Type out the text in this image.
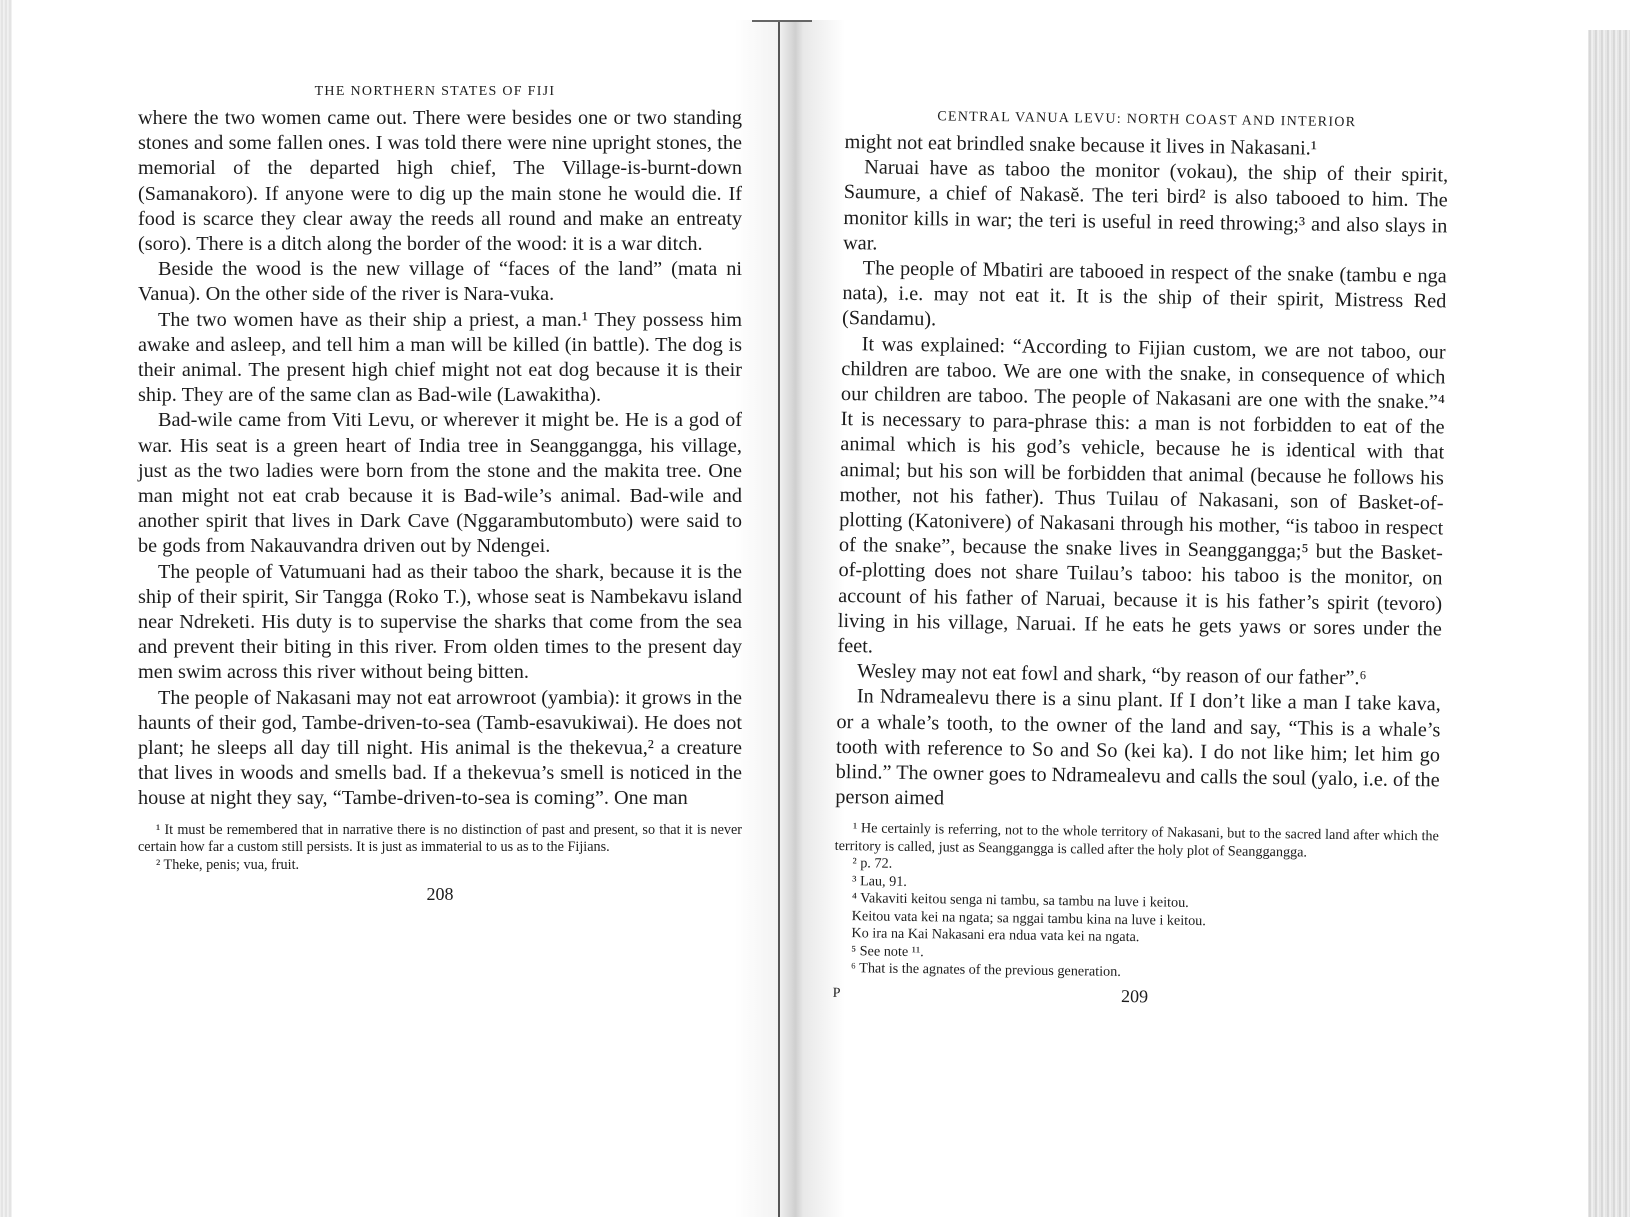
THE NORTHERN STATES OF FIJI

where the two women came out. There were besides one or two standing stones and some fallen ones. I was told there were nine upright stones, the memorial of the departed high chief, The Village-is-burnt-down (Samanakoro). If anyone were to dig up the main stone he would die. If food is scarce they clear away the reeds all round and make an entreaty (soro). There is a ditch along the border of the wood: it is a war ditch.

Beside the wood is the new village of “faces of the land” (mata ni Vanua). On the other side of the river is Nara-vuka.

The two women have as their ship a priest, a man.¹ They possess him awake and asleep, and tell him a man will be killed (in battle). The dog is their animal. The present high chief might not eat dog because it is their ship. They are of the same clan as Bad-wile (Lawakitha).

Bad-wile came from Viti Levu, or wherever it might be. He is a god of war. His seat is a green heart of India tree in Seanggangga, his village, just as the two ladies were born from the stone and the makita tree. One man might not eat crab because it is Bad-wile’s animal. Bad-wile and another spirit that lives in Dark Cave (Nggarambutombuto) were said to be gods from Nakauvandra driven out by Ndengei.

The people of Vatumuani had as their taboo the shark, because it is the ship of their spirit, Sir Tangga (Roko T.), whose seat is Nambekavu island near Ndreketi. His duty is to supervise the sharks that come from the sea and prevent their biting in this river. From olden times to the present day men swim across this river without being bitten.

The people of Nakasani may not eat arrowroot (yambia): it grows in the haunts of their god, Tambe-driven-to-sea (Tamb-esavukiwai). He does not plant; he sleeps all day till night. His animal is the thekevua,² a creature that lives in woods and smells bad. If a thekevua’s smell is noticed in the house at night they say, “Tambe-driven-to-sea is coming”. One man

¹ It must be remembered that in narrative there is no distinction of past and present, so that it is never certain how far a custom still persists. It is just as immaterial to us as to the Fijians.

² Theke, penis; vua, fruit.

208
CENTRAL VANUA LEVU: NORTH COAST AND INTERIOR

might not eat brindled snake because it lives in Nakasani.¹

Naruai have as taboo the monitor (vokau), the ship of their spirit, Saumure, a chief of Nakasĕ. The teri bird² is also tabooed to him. The monitor kills in war; the teri is useful in reed throwing;³ and also slays in war.

The people of Mbatiri are tabooed in respect of the snake (tambu e nga nata), i.e. may not eat it. It is the ship of their spirit, Mistress Red (Sandamu).

It was explained: “According to Fijian custom, we are not taboo, our children are taboo. We are one with the snake, in consequence of which our children are taboo. The people of Nakasani are one with the snake.”⁴ It is necessary to para-phrase this: a man is not forbidden to eat of the animal which is his god’s vehicle, because he is identical with that animal; but his son will be forbidden that animal (because he follows his mother, not his father). Thus Tuilau of Nakasani, son of Basket-of-plotting (Katonivere) of Nakasani through his mother, “is taboo in respect of the snake”, because the snake lives in Seanggangga;⁵ but the Basket-of-plotting does not share Tuilau’s taboo: his taboo is the monitor, on account of his father of Naruai, because it is his father’s spirit (tevoro) living in his village, Naruai. If he eats he gets yaws or sores under the feet.

Wesley may not eat fowl and shark, “by reason of our father”.⁶

In Ndramealevu there is a sinu plant. If I don’t like a man I take kava, or a whale’s tooth, to the owner of the land and say, “This is a whale’s tooth with reference to So and So (kei ka). I do not like him; let him go blind.” The owner goes to Ndramealevu and calls the soul (yalo, i.e. of the person aimed

¹ He certainly is referring, not to the whole territory of Nakasani, but to the sacred land after which the territory is called, just as Seanggangga is called after the holy plot of Seanggangga.

² p. 72.

³ Lau, 91.

⁴ Vakaviti keitou senga ni tambu, sa tambu na luve i keitou.

Keitou vata kei na ngata; sa nggai tambu kina na luve i keitou.

Ko ira na Kai Nakasani era ndua vata kei na ngata.

⁵ See note ¹¹.

⁶ That is the agnates of the previous generation.

P	209
